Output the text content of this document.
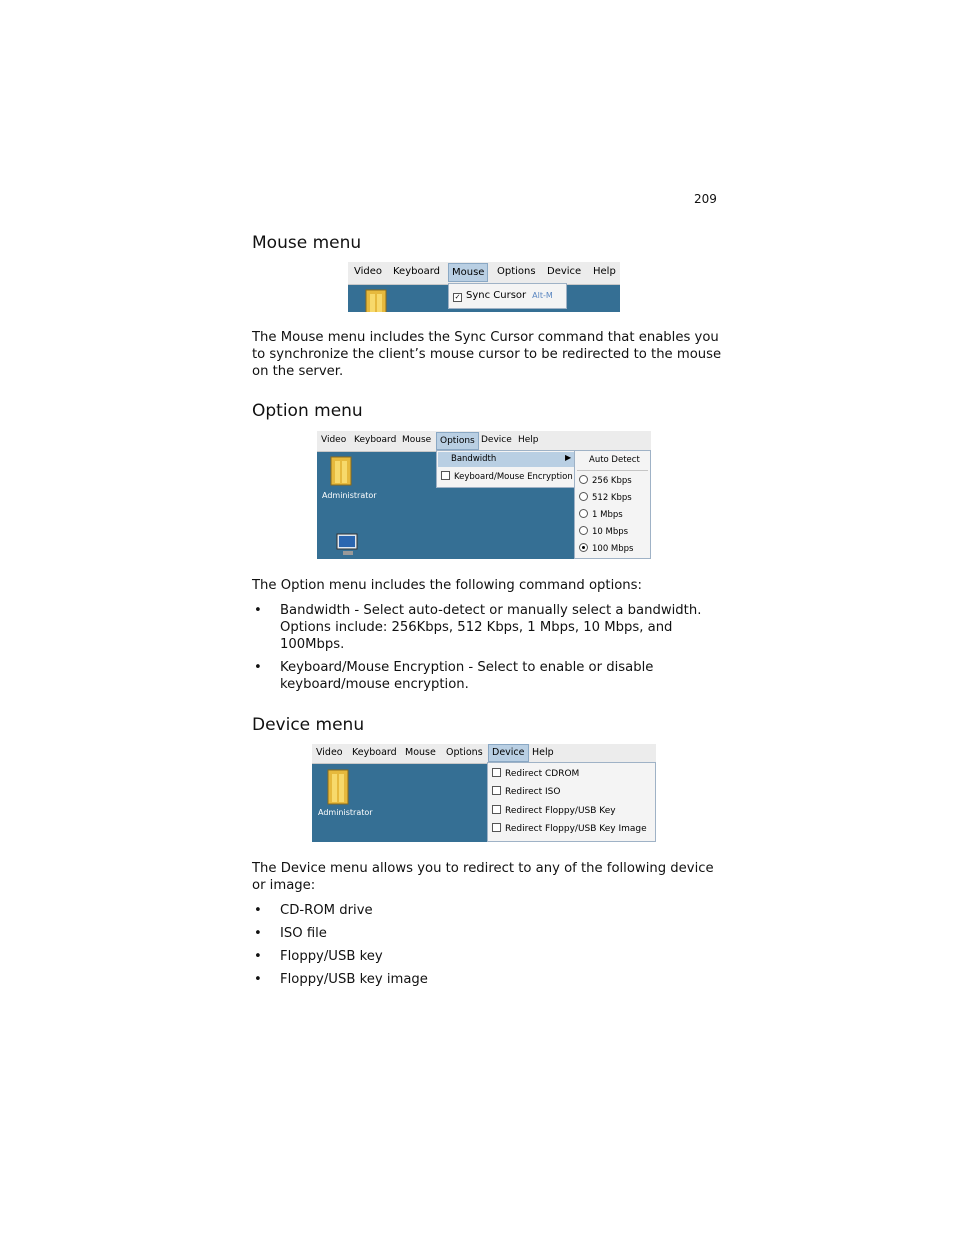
209
Mouse menu
Video Keyboard	Mouse	Options Device Help
✓ Sync Cursor Alt-M

The Mouse menu includes the Sync Cursor command that enables you to synchronize the client’s mouse cursor to be redirected to the mouse on the server.

Option menu
Video Keyboard Mouse Options Device Help
Administrator
Bandwidth	▶
Keyboard/Mouse Encryption
Auto Detect
256 Kbps
512 Kbps
1 Mbps
10 Mbps
100 Mbps

The Option menu includes the following command options:

• Bandwidth - Select auto-detect or manually select a bandwidth. Options include: 256Kbps, 512 Kbps, 1 Mbps, 10 Mbps, and 100Mbps.
• Keyboard/Mouse Encryption - Select to enable or disable keyboard/mouse encryption.
Device menu
Video Keyboard Mouse Options Device Help
Administrator
Redirect CDROM
Redirect ISO
Redirect Floppy/USB Key
Redirect Floppy/USB Key Image

The Device menu allows you to redirect to any of the following device or image:

• CD-ROM drive
• ISO file
• Floppy/USB key
• Floppy/USB key image
